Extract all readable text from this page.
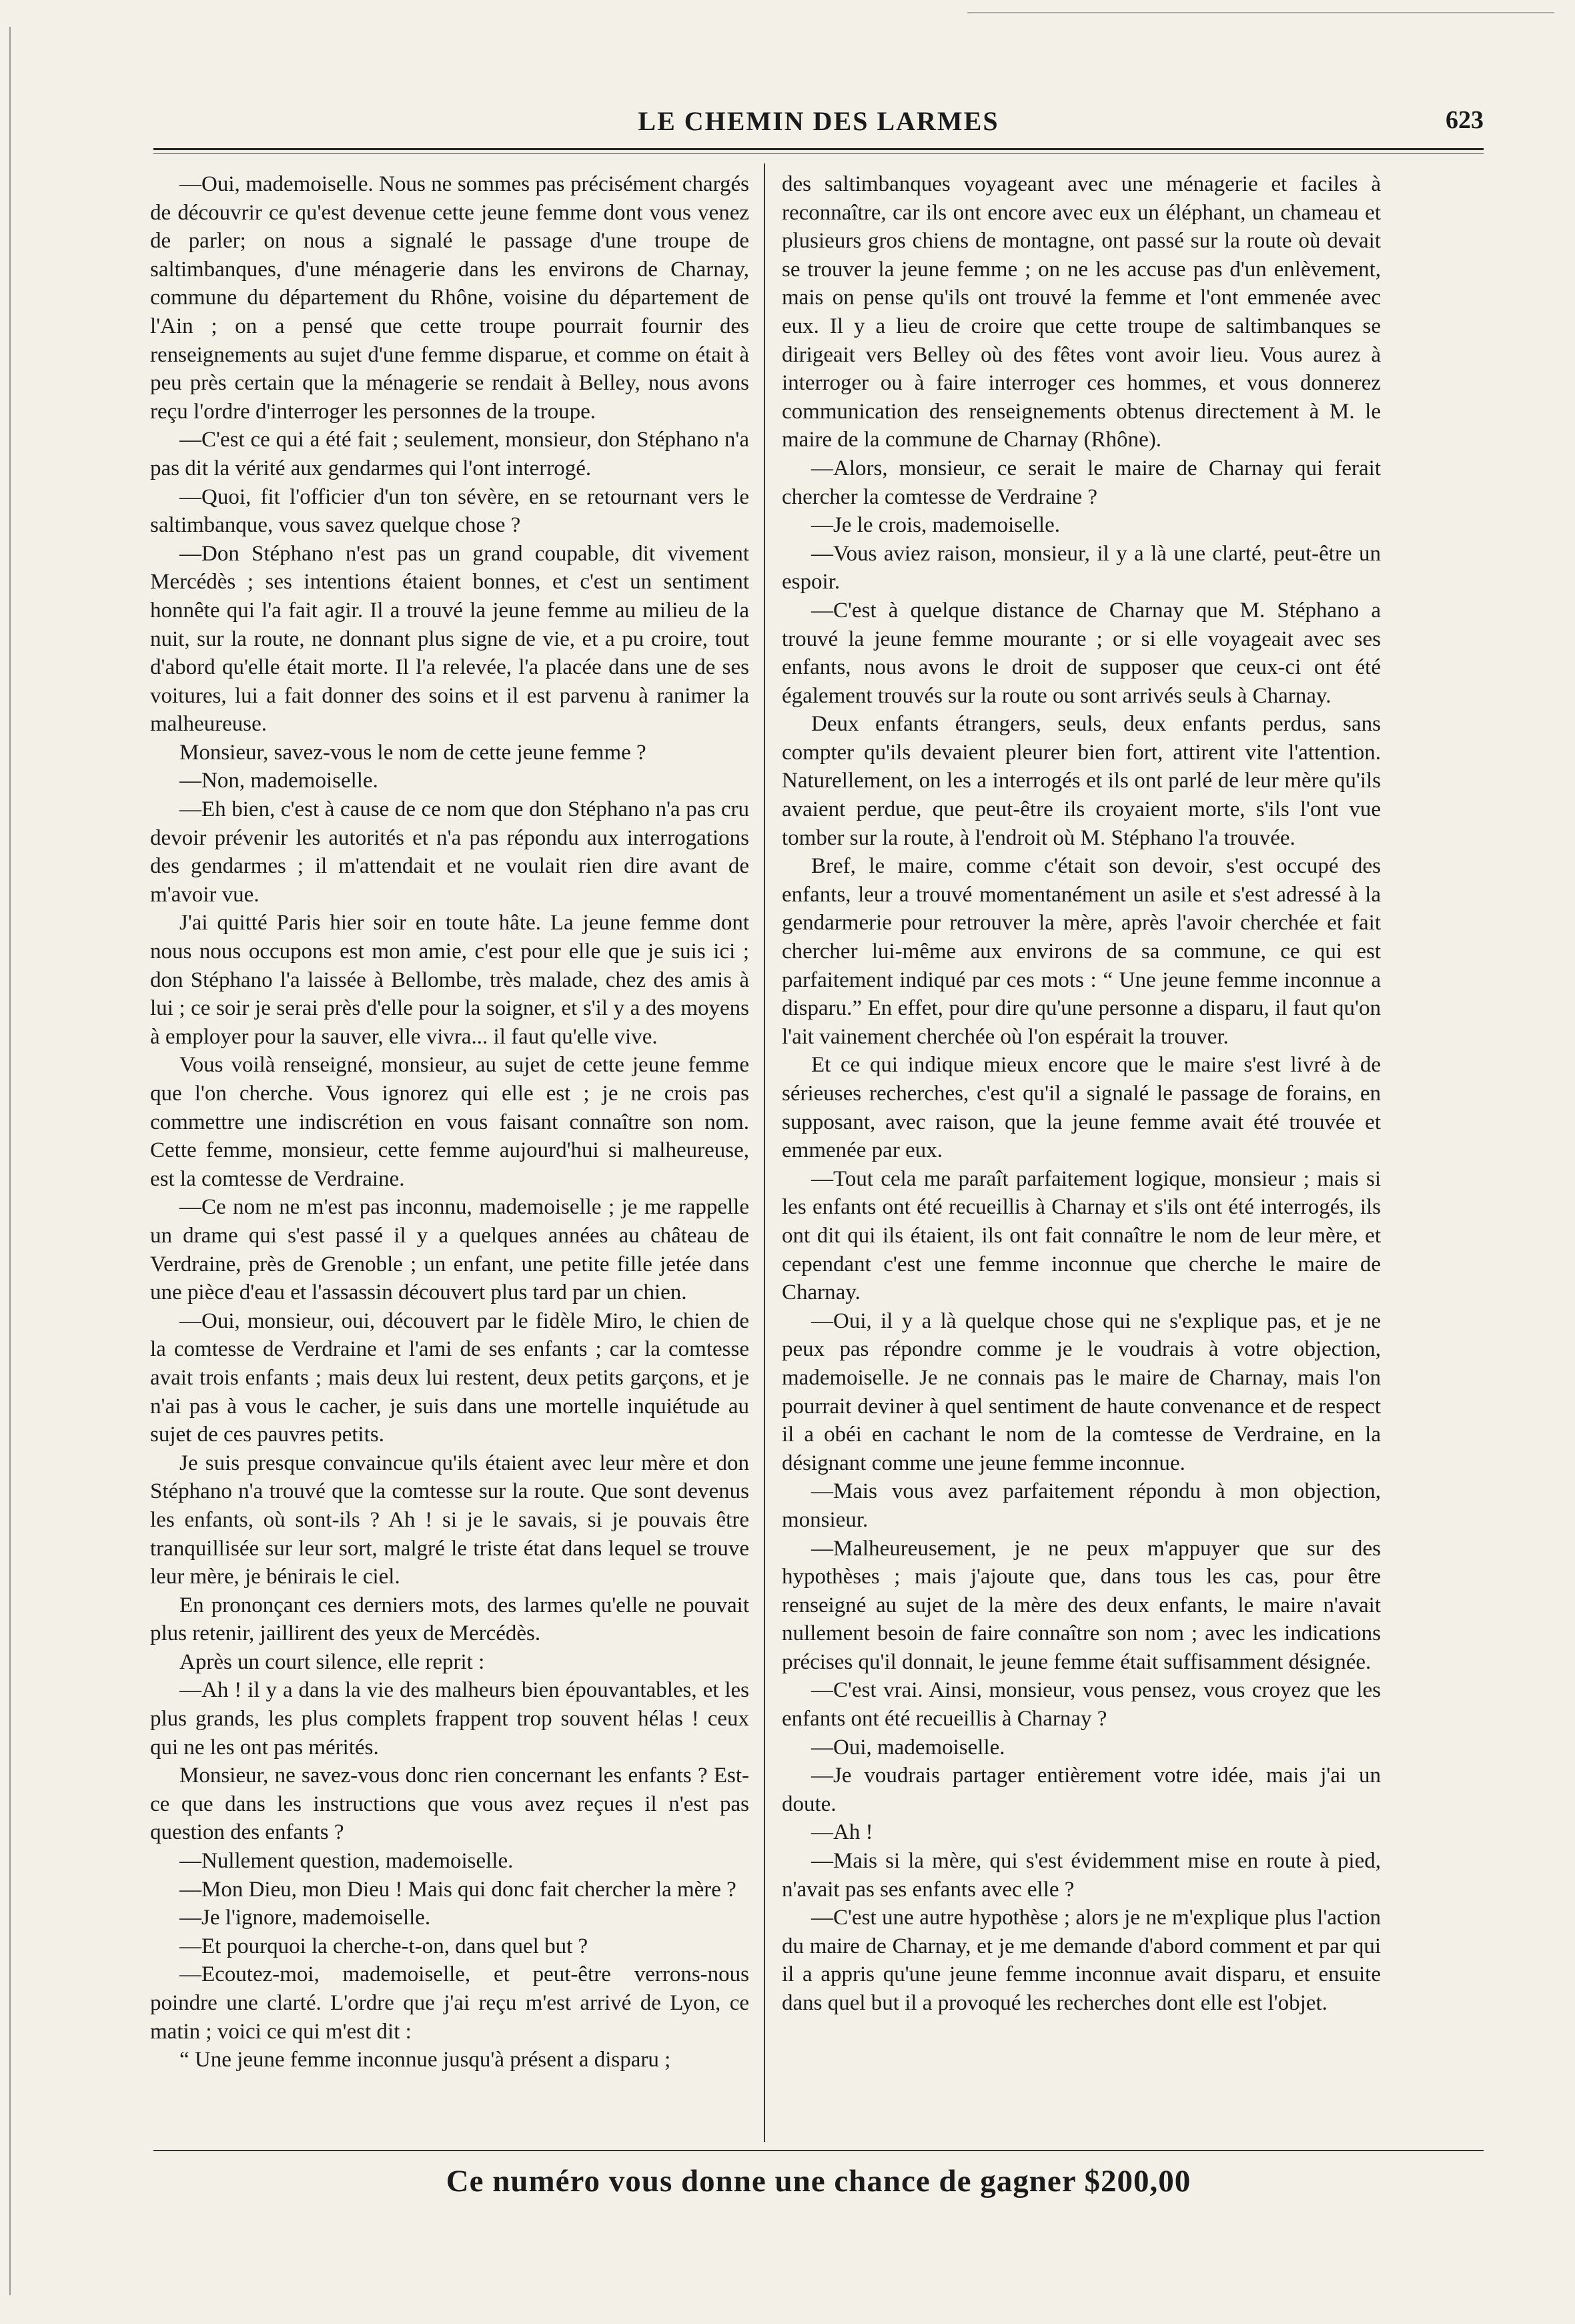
LE CHEMIN DES LARMES	623

—Oui, mademoiselle. Nous ne sommes pas précisément chargés de découvrir ce qu'est devenue cette jeune femme dont vous venez de parler; on nous a signalé le passage d'une troupe de saltimbanques, d'une ménagerie dans les environs de Charnay, commune du département du Rhône, voisine du département de l'Ain ; on a pensé que cette troupe pourrait fournir des renseignements au sujet d'une femme disparue, et comme on était à peu près certain que la ménagerie se rendait à Belley, nous avons reçu l'ordre d'interroger les personnes de la troupe.

—C'est ce qui a été fait ; seulement, monsieur, don Stéphano n'a pas dit la vérité aux gendarmes qui l'ont interrogé.

—Quoi, fit l'officier d'un ton sévère, en se retournant vers le saltimbanque, vous savez quelque chose ?

—Don Stéphano n'est pas un grand coupable, dit vivement Mercédès ; ses intentions étaient bonnes, et c'est un sentiment honnête qui l'a fait agir. Il a trouvé la jeune femme au milieu de la nuit, sur la route, ne donnant plus signe de vie, et a pu croire, tout d'abord qu'elle était morte. Il l'a relevée, l'a placée dans une de ses voitures, lui a fait donner des soins et il est parvenu à ranimer la malheureuse.

Monsieur, savez-vous le nom de cette jeune femme ?

—Non, mademoiselle.

—Eh bien, c'est à cause de ce nom que don Stéphano n'a pas cru devoir prévenir les autorités et n'a pas répondu aux interrogations des gendarmes ; il m'attendait et ne voulait rien dire avant de m'avoir vue.

J'ai quitté Paris hier soir en toute hâte. La jeune femme dont nous nous occupons est mon amie, c'est pour elle que je suis ici ; don Stéphano l'a laissée à Bellombe, très malade, chez des amis à lui ; ce soir je serai près d'elle pour la soigner, et s'il y a des moyens à employer pour la sauver, elle vivra... il faut qu'elle vive.

Vous voilà renseigné, monsieur, au sujet de cette jeune femme que l'on cherche. Vous ignorez qui elle est ; je ne crois pas commettre une indiscrétion en vous faisant connaître son nom. Cette femme, monsieur, cette femme aujourd'hui si malheureuse, est la comtesse de Verdraine.

—Ce nom ne m'est pas inconnu, mademoiselle ; je me rappelle un drame qui s'est passé il y a quelques années au château de Verdraine, près de Grenoble ; un enfant, une petite fille jetée dans une pièce d'eau et l'assassin découvert plus tard par un chien.

—Oui, monsieur, oui, découvert par le fidèle Miro, le chien de la comtesse de Verdraine et l'ami de ses enfants ; car la comtesse avait trois enfants ; mais deux lui restent, deux petits garçons, et je n'ai pas à vous le cacher, je suis dans une mortelle inquiétude au sujet de ces pauvres petits.

Je suis presque convaincue qu'ils étaient avec leur mère et don Stéphano n'a trouvé que la comtesse sur la route. Que sont devenus les enfants, où sont-ils ? Ah ! si je le savais, si je pouvais être tranquillisée sur leur sort, malgré le triste état dans lequel se trouve leur mère, je bénirais le ciel.

En prononçant ces derniers mots, des larmes qu'elle ne pouvait plus retenir, jaillirent des yeux de Mercédès.

Après un court silence, elle reprit :

—Ah ! il y a dans la vie des malheurs bien épouvantables, et les plus grands, les plus complets frappent trop souvent hélas ! ceux qui ne les ont pas mérités.

Monsieur, ne savez-vous donc rien concernant les enfants ? Est-ce que dans les instructions que vous avez reçues il n'est pas question des enfants ?

—Nullement question, mademoiselle.

—Mon Dieu, mon Dieu ! Mais qui donc fait chercher la mère ?

—Je l'ignore, mademoiselle.

—Et pourquoi la cherche-t-on, dans quel but ?

—Ecoutez-moi, mademoiselle, et peut-être verrons-nous poindre une clarté. L'ordre que j'ai reçu m'est arrivé de Lyon, ce matin ; voici ce qui m'est dit :

“ Une jeune femme inconnue jusqu'à présent a disparu ;

des saltimbanques voyageant avec une ménagerie et faciles à reconnaître, car ils ont encore avec eux un éléphant, un chameau et plusieurs gros chiens de montagne, ont passé sur la route où devait se trouver la jeune femme ; on ne les accuse pas d'un enlèvement, mais on pense qu'ils ont trouvé la femme et l'ont emmenée avec eux. Il y a lieu de croire que cette troupe de saltimbanques se dirigeait vers Belley où des fêtes vont avoir lieu. Vous aurez à interroger ou à faire interroger ces hommes, et vous donnerez communication des renseignements obtenus directement à M. le maire de la commune de Charnay (Rhône).

—Alors, monsieur, ce serait le maire de Charnay qui ferait chercher la comtesse de Verdraine ?

—Je le crois, mademoiselle.

—Vous aviez raison, monsieur, il y a là une clarté, peut-être un espoir.

—C'est à quelque distance de Charnay que M. Stéphano a trouvé la jeune femme mourante ; or si elle voyageait avec ses enfants, nous avons le droit de supposer que ceux-ci ont été également trouvés sur la route ou sont arrivés seuls à Charnay.

Deux enfants étrangers, seuls, deux enfants perdus, sans compter qu'ils devaient pleurer bien fort, attirent vite l'attention. Naturellement, on les a interrogés et ils ont parlé de leur mère qu'ils avaient perdue, que peut-être ils croyaient morte, s'ils l'ont vue tomber sur la route, à l'endroit où M. Stéphano l'a trouvée.

Bref, le maire, comme c'était son devoir, s'est occupé des enfants, leur a trouvé momentanément un asile et s'est adressé à la gendarmerie pour retrouver la mère, après l'avoir cherchée et fait chercher lui-même aux environs de sa commune, ce qui est parfaitement indiqué par ces mots : “ Une jeune femme inconnue a disparu.” En effet, pour dire qu'une personne a disparu, il faut qu'on l'ait vainement cherchée où l'on espérait la trouver.

Et ce qui indique mieux encore que le maire s'est livré à de sérieuses recherches, c'est qu'il a signalé le passage de forains, en supposant, avec raison, que la jeune femme avait été trouvée et emmenée par eux.

—Tout cela me paraît parfaitement logique, monsieur ; mais si les enfants ont été recueillis à Charnay et s'ils ont été interrogés, ils ont dit qui ils étaient, ils ont fait connaître le nom de leur mère, et cependant c'est une femme inconnue que cherche le maire de Charnay.

—Oui, il y a là quelque chose qui ne s'explique pas, et je ne peux pas répondre comme je le voudrais à votre objection, mademoiselle. Je ne connais pas le maire de Charnay, mais l'on pourrait deviner à quel sentiment de haute convenance et de respect il a obéi en cachant le nom de la comtesse de Verdraine, en la désignant comme une jeune femme inconnue.

—Mais vous avez parfaitement répondu à mon objection, monsieur.

—Malheureusement, je ne peux m'appuyer que sur des hypothèses ; mais j'ajoute que, dans tous les cas, pour être renseigné au sujet de la mère des deux enfants, le maire n'avait nullement besoin de faire connaître son nom ; avec les indications précises qu'il donnait, le jeune femme était suffisamment désignée.

—C'est vrai. Ainsi, monsieur, vous pensez, vous croyez que les enfants ont été recueillis à Charnay ?

—Oui, mademoiselle.

—Je voudrais partager entièrement votre idée, mais j'ai un doute.

—Ah !

—Mais si la mère, qui s'est évidemment mise en route à pied, n'avait pas ses enfants avec elle ?

—C'est une autre hypothèse ; alors je ne m'explique plus l'action du maire de Charnay, et je me demande d'abord comment et par qui il a appris qu'une jeune femme inconnue avait disparu, et ensuite dans quel but il a provoqué les recherches dont elle est l'objet.

Ce numéro vous donne une chance de gagner $200,00
